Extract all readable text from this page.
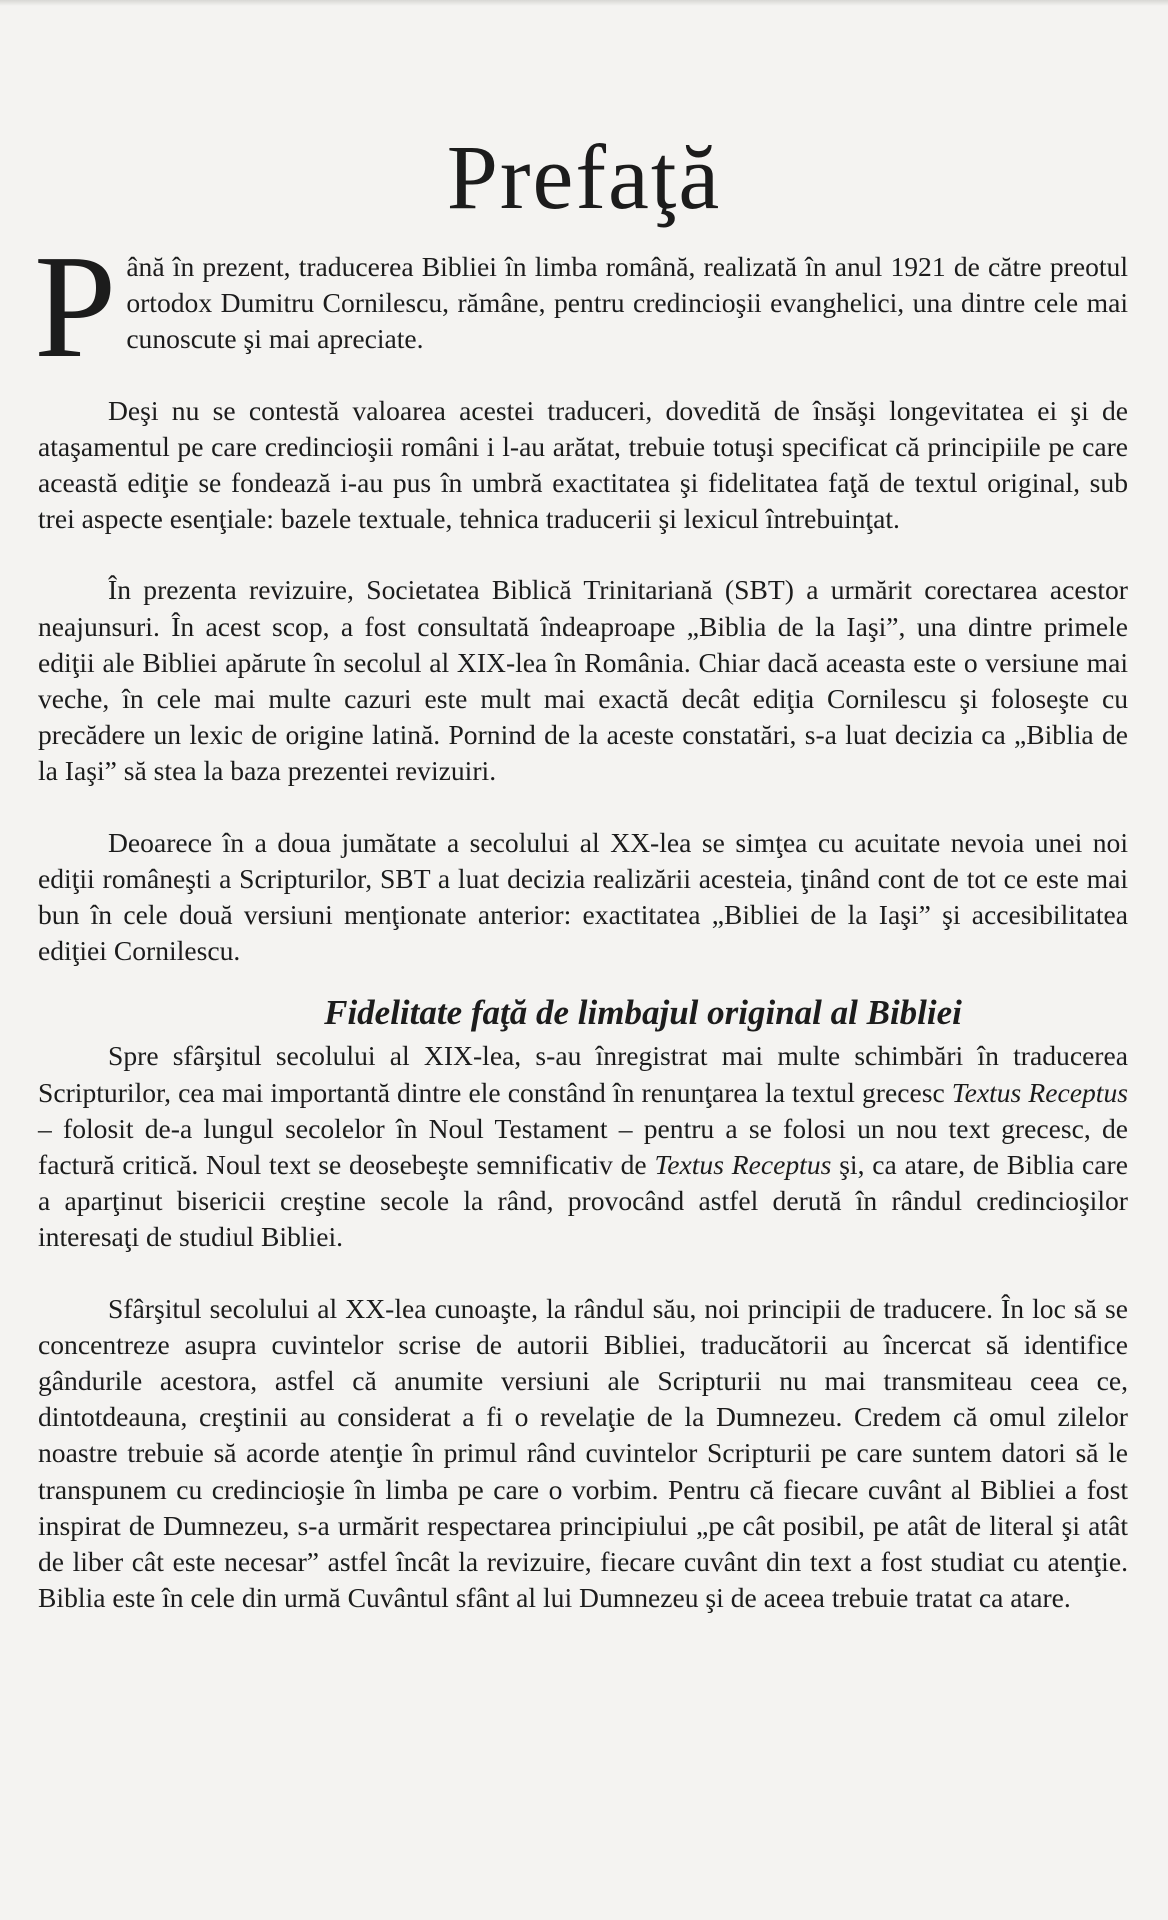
Prefaţă

Până în prezent, traducerea Bibliei în limba română, realizată în anul 1921 de către preotul ortodox Dumitru Cornilescu, rămâne, pentru credincioşii evanghelici, una dintre cele mai cunoscute şi mai apreciate.

Deşi nu se contestă valoarea acestei traduceri, dovedită de însăşi longevitatea ei şi de ataşamentul pe care credincioşii români i l-au arătat, trebuie totuşi specificat că principiile pe care această ediţie se fondează i-au pus în umbră exactitatea şi fidelitatea faţă de textul original, sub trei aspecte esenţiale: bazele textuale, tehnica traducerii şi lexicul întrebuinţat.

În prezenta revizuire, Societatea Biblică Trinitariană (SBT) a urmărit corectarea acestor neajunsuri. În acest scop, a fost consultată îndeaproape „Biblia de la Iaşi”, una dintre primele ediţii ale Bibliei apărute în secolul al XIX-lea în România. Chiar dacă aceasta este o versiune mai veche, în cele mai multe cazuri este mult mai exactă decât ediţia Cornilescu şi foloseşte cu precădere un lexic de origine latină. Pornind de la aceste constatări, s-a luat decizia ca „Biblia de la Iaşi” să stea la baza prezentei revizuiri.

Deoarece în a doua jumătate a secolului al XX-lea se simţea cu acuitate nevoia unei noi ediţii româneşti a Scripturilor, SBT a luat decizia realizării acesteia, ţinând cont de tot ce este mai bun în cele două versiuni menţionate anterior: exactitatea „Bibliei de la Iaşi” şi accesibilitatea ediţiei Cornilescu.

Fidelitate faţă de limbajul original al Bibliei

Spre sfârşitul secolului al XIX-lea, s-au înregistrat mai multe schimbări în traducerea Scripturilor, cea mai importantă dintre ele constând în renunţarea la textul grecesc Textus Receptus – folosit de-a lungul secolelor în Noul Testament – pentru a se folosi un nou text grecesc, de factură critică. Noul text se deosebeşte semnificativ de Textus Receptus şi, ca atare, de Biblia care a aparţinut bisericii creştine secole la rând, provocând astfel derută în rândul credincioşilor interesaţi de studiul Bibliei.

Sfârşitul secolului al XX-lea cunoaşte, la rândul său, noi principii de traducere. În loc să se concentreze asupra cuvintelor scrise de autorii Bibliei, traducătorii au încercat să identifice gândurile acestora, astfel că anumite versiuni ale Scripturii nu mai transmiteau ceea ce, dintotdeauna, creştinii au considerat a fi o revelaţie de la Dumnezeu. Credem că omul zilelor noastre trebuie să acorde atenţie în primul rând cuvintelor Scripturii pe care suntem datori să le transpunem cu credincioşie în limba pe care o vorbim. Pentru că fiecare cuvânt al Bibliei a fost inspirat de Dumnezeu, s-a urmărit respectarea principiului „pe cât posibil, pe atât de literal şi atât de liber cât este necesar” astfel încât la revizuire, fiecare cuvânt din text a fost studiat cu atenţie. Biblia este în cele din urmă Cuvântul sfânt al lui Dumnezeu şi de aceea trebuie tratat ca atare.
